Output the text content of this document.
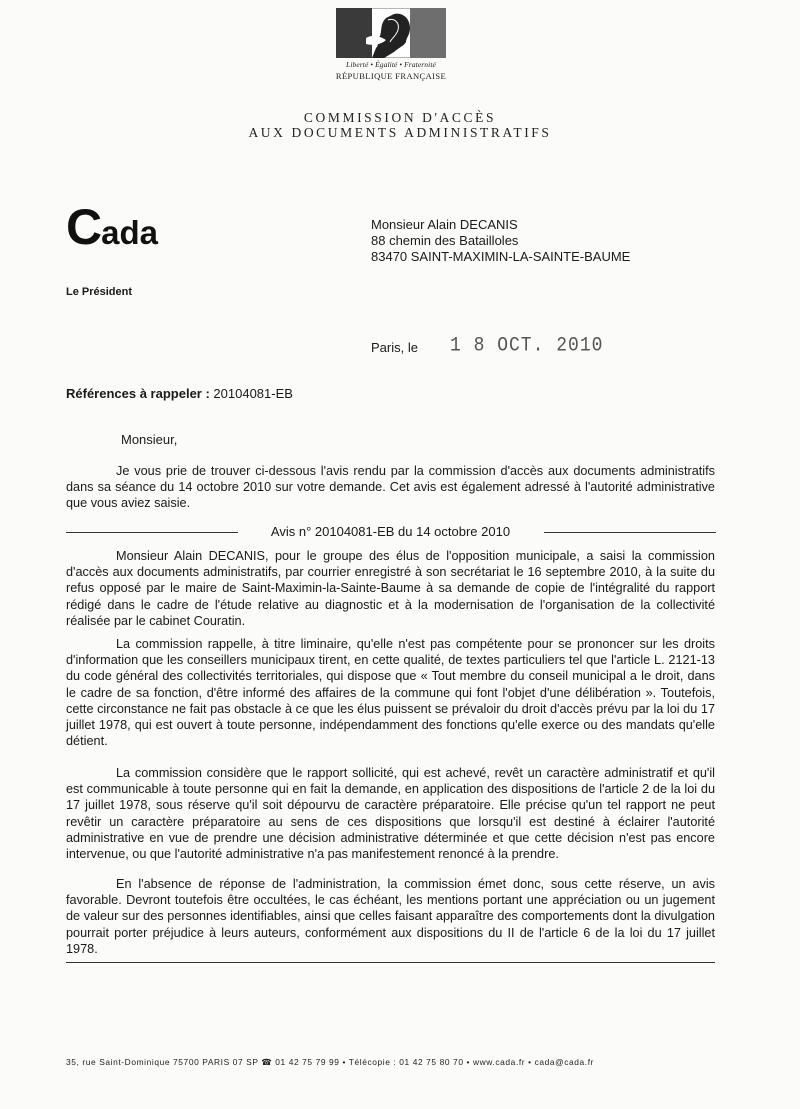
Liberté • Égalité • Fraternité
RÉPUBLIQUE FRANÇAISE
COMMISSION D'ACCÈS
AUX DOCUMENTS ADMINISTRATIFS
Cada
Le Président
Monsieur Alain DECANIS
88 chemin des Batailloles
83470 SAINT-MAXIMIN-LA-SAINTE-BAUME
Paris, le 1 8 OCT. 2010
Références à rappeler : 20104081-EB
Monsieur,
Je vous prie de trouver ci-dessous l'avis rendu par la commission d'accès aux documents administratifs dans sa séance du 14 octobre 2010 sur votre demande. Cet avis est également adressé à l'autorité administrative que vous aviez saisie.
Avis n° 20104081-EB du 14 octobre 2010
Monsieur Alain DECANIS, pour le groupe des élus de l'opposition municipale, a saisi la commission d'accès aux documents administratifs, par courrier enregistré à son secrétariat le 16 septembre 2010, à la suite du refus opposé par le maire de Saint-Maximin-la-Sainte-Baume à sa demande de copie de l'intégralité du rapport rédigé dans le cadre de l'étude relative au diagnostic et à la modernisation de l'organisation de la collectivité réalisée par le cabinet Couratin.
La commission rappelle, à titre liminaire, qu'elle n'est pas compétente pour se prononcer sur les droits d'information que les conseillers municipaux tirent, en cette qualité, de textes particuliers tel que l'article L. 2121-13 du code général des collectivités territoriales, qui dispose que « Tout membre du conseil municipal a le droit, dans le cadre de sa fonction, d'être informé des affaires de la commune qui font l'objet d'une délibération ». Toutefois, cette circonstance ne fait pas obstacle à ce que les élus puissent se prévaloir du droit d'accès prévu par la loi du 17 juillet 1978, qui est ouvert à toute personne, indépendamment des fonctions qu'elle exerce ou des mandats qu'elle détient.
La commission considère que le rapport sollicité, qui est achevé, revêt un caractère administratif et qu'il est communicable à toute personne qui en fait la demande, en application des dispositions de l'article 2 de la loi du 17 juillet 1978, sous réserve qu'il soit dépourvu de caractère préparatoire. Elle précise qu'un tel rapport ne peut revêtir un caractère préparatoire au sens de ces dispositions que lorsqu'il est destiné à éclairer l'autorité administrative en vue de prendre une décision administrative déterminée et que cette décision n'est pas encore intervenue, ou que l'autorité administrative n'a pas manifestement renoncé à la prendre.
En l'absence de réponse de l'administration, la commission émet donc, sous cette réserve, un avis favorable. Devront toutefois être occultées, le cas échéant, les mentions portant une appréciation ou un jugement de valeur sur des personnes identifiables, ainsi que celles faisant apparaître des comportements dont la divulgation pourrait porter préjudice à leurs auteurs, conformément aux dispositions du II de l'article 6 de la loi du 17 juillet 1978.
35, rue Saint-Dominique 75700 PARIS 07 SP ☎ 01 42 75 79 99 • Télécopie : 01 42 75 80 70 • www.cada.fr • cada@cada.fr
